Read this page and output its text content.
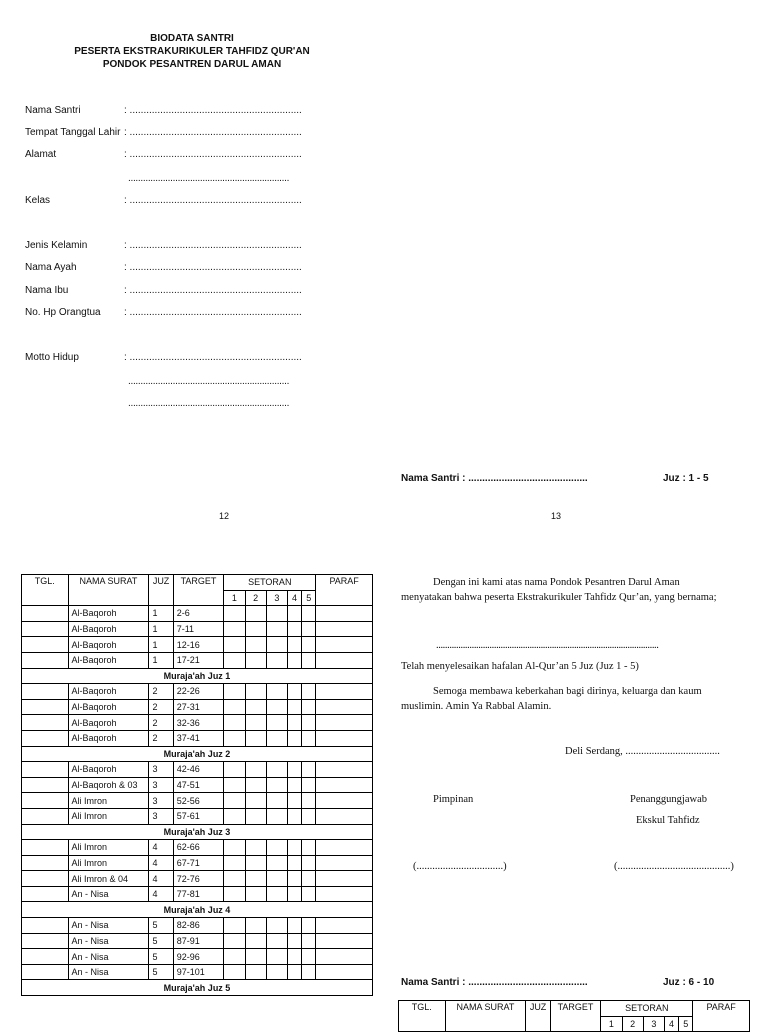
BIODATA SANTRI
PESERTA EKSTRAKURIKULER TAHFIDZ QUR'AN
PONDOK PESANTREN DARUL AMAN
Nama Santri	: ..............................................................
Tempat Tanggal Lahir : ..............................................................
Alamat	: ..............................................................
.................................................................
Kelas	: ..............................................................
Jenis Kelamin	: ..............................................................
Nama Ayah	: ..............................................................
Nama Ibu	: ..............................................................
No. Hp Orangtua : ..............................................................
Motto Hidup	: ..............................................................
.................................................................
.................................................................
Nama Santri : ...........................................	Juz : 1 - 5
12	13
TGL.	NAMA SURAT	JUZ	TARGET	SETORAN					PARAF
				1	2	3	4	5	
	Al-Baqoroh	1	2-6						
	Al-Baqoroh	1	7-11						
	Al-Baqoroh	1	12-16						
	Al-Baqoroh	1	17-21						
Muraja'ah Juz 1									
	Al-Baqoroh	2	22-26						
	Al-Baqoroh	2	27-31						
	Al-Baqoroh	2	32-36						
	Al-Baqoroh	2	37-41						
Muraja'ah Juz 2									
	Al-Baqoroh	3	42-46						
	Al-Baqoroh & 03	3	47-51						
	Ali Imron	3	52-56						
	Ali Imron	3	57-61						
Muraja'ah Juz 3									
	Ali Imron	4	62-66						
	Ali Imron	4	67-71						
	Ali Imron & 04	4	72-76						
	An - Nisa	4	77-81						
Muraja'ah Juz 4									
	An - Nisa	5	82-86						
	An - Nisa	5	87-91						
	An - Nisa	5	92-96						
	An - Nisa	5	97-101						
Muraja'ah Juz 5									

Dengan ini kami atas nama Pondok Pesantren Darul Aman menyatakan bahwa peserta Ekstrakurikuler Tahfidz Qur’an, yang bernama;

....................................................................................................
Telah menyelesaikan hafalan Al-Qur’an 5 Juz (Juz 1 - 5)

Semoga membawa keberkahan bagi dirinya, keluarga dan kaum muslimin. Amin Ya Rabbal Alamin.

Deli Serdang, ....................................
Pimpinan	Penanggungjawab
Ekskul Tahfidz
(.................................)	(...........................................)
Nama Santri : ...........................................	Juz : 6 - 10
TGL.	NAMA SURAT	JUZ	TARGET	SETORAN					PARAF
				1	2	3	4	5	
